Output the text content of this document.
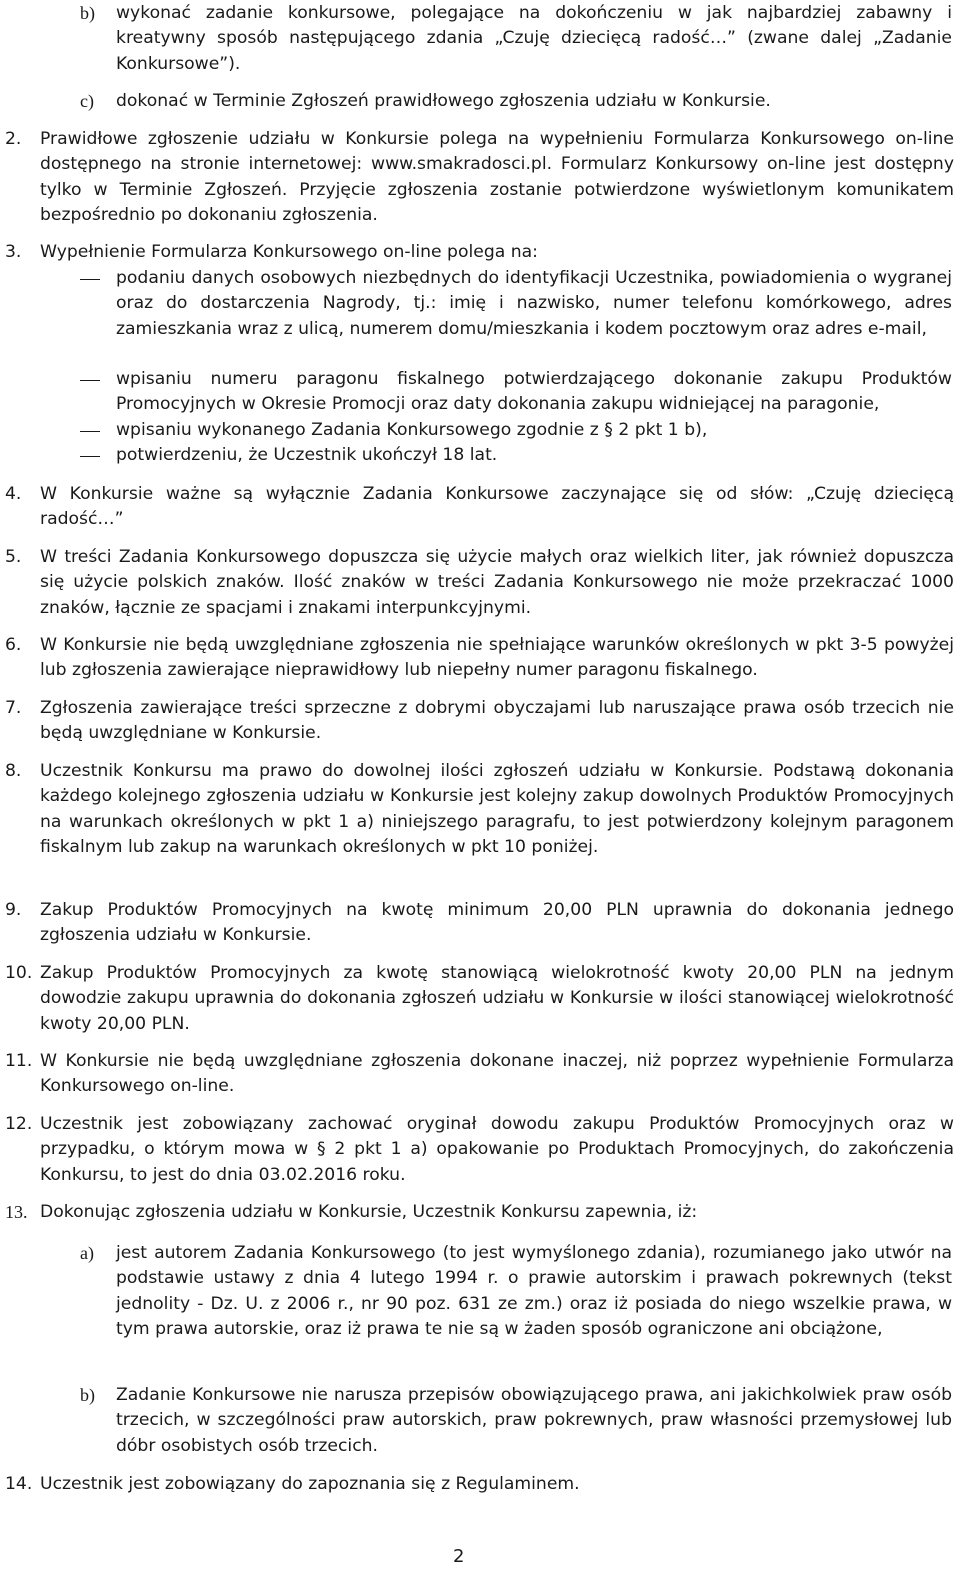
b) wykonać zadanie konkursowe, polegające na dokończeniu w jak najbardziej zabawny i kreatywny sposób następującego zdania „Czuję dziecięcą radość…” (zwane dalej „Zadanie Konkursowe”).

c) dokonać w Terminie Zgłoszeń prawidłowego zgłoszenia udziału w Konkursie.

2. Prawidłowe zgłoszenie udziału w Konkursie polega na wypełnieniu Formularza Konkursowego on-line dostępnego na stronie internetowej: www.smakradosci.pl. Formularz Konkursowy on-line jest dostępny tylko w Terminie Zgłoszeń. Przyjęcie zgłoszenia zostanie potwierdzone wyświetlonym komunikatem bezpośrednio po dokonaniu zgłoszenia.

3. Wypełnienie Formularza Konkursowego on-line polega na:

podaniu danych osobowych niezbędnych do identyfikacji Uczestnika, powiadomienia o wygranej oraz do dostarczenia Nagrody, tj.: imię i nazwisko, numer telefonu komórkowego, adres zamieszkania wraz z ulicą, numerem domu/mieszkania i kodem pocztowym oraz adres e-mail,

wpisaniu numeru paragonu fiskalnego potwierdzającego dokonanie zakupu Produktów Promocyjnych w Okresie Promocji oraz daty dokonania zakupu widniejącej na paragonie,

wpisaniu wykonanego Zadania Konkursowego zgodnie z § 2 pkt 1 b),

potwierdzeniu, że Uczestnik ukończył 18 lat.

4. W Konkursie ważne są wyłącznie Zadania Konkursowe zaczynające się od słów: „Czuję dziecięcą radość…”

5. W treści Zadania Konkursowego dopuszcza się użycie małych oraz wielkich liter, jak również dopuszcza się użycie polskich znaków. Ilość znaków w treści Zadania Konkursowego nie może przekraczać 1000 znaków, łącznie ze spacjami i znakami interpunkcyjnymi.

6. W Konkursie nie będą uwzględniane zgłoszenia nie spełniające warunków określonych w pkt 3-5 powyżej lub zgłoszenia zawierające nieprawidłowy lub niepełny numer paragonu fiskalnego.

7. Zgłoszenia zawierające treści sprzeczne z dobrymi obyczajami lub naruszające prawa osób trzecich nie będą uwzględniane w Konkursie.

8. Uczestnik Konkursu ma prawo do dowolnej ilości zgłoszeń udziału w Konkursie. Podstawą dokonania każdego kolejnego zgłoszenia udziału w Konkursie jest kolejny zakup dowolnych Produktów Promocyjnych na warunkach określonych w pkt 1 a) niniejszego paragrafu, to jest potwierdzony kolejnym paragonem fiskalnym lub zakup na warunkach określonych w pkt 10 poniżej.

9. Zakup Produktów Promocyjnych na kwotę minimum 20,00 PLN uprawnia do dokonania jednego zgłoszenia udziału w Konkursie.

10. Zakup Produktów Promocyjnych za kwotę stanowiącą wielokrotność kwoty 20,00 PLN na jednym dowodzie zakupu uprawnia do dokonania zgłoszeń udziału w Konkursie w ilości stanowiącej wielokrotność kwoty 20,00 PLN.

11. W Konkursie nie będą uwzględniane zgłoszenia dokonane inaczej, niż poprzez wypełnienie Formularza Konkursowego on-line.

12. Uczestnik jest zobowiązany zachować oryginał dowodu zakupu Produktów Promocyjnych oraz w przypadku, o którym mowa w § 2 pkt 1 a) opakowanie po Produktach Promocyjnych, do zakończenia Konkursu, to jest do dnia 03.02.2016 roku.

13. Dokonując zgłoszenia udziału w Konkursie, Uczestnik Konkursu zapewnia, iż:

a) jest autorem Zadania Konkursowego (to jest wymyślonego zdania), rozumianego jako utwór na podstawie ustawy z dnia 4 lutego 1994 r. o prawie autorskim i prawach pokrewnych (tekst jednolity - Dz. U. z 2006 r., nr 90 poz. 631 ze zm.) oraz iż posiada do niego wszelkie prawa, w tym prawa autorskie, oraz iż prawa te nie są w żaden sposób ograniczone ani obciążone,

b) Zadanie Konkursowe nie narusza przepisów obowiązującego prawa, ani jakichkolwiek praw osób trzecich, w szczególności praw autorskich, praw pokrewnych, praw własności przemysłowej lub dóbr osobistych osób trzecich.

14. Uczestnik jest zobowiązany do zapoznania się z Regulaminem.

2
